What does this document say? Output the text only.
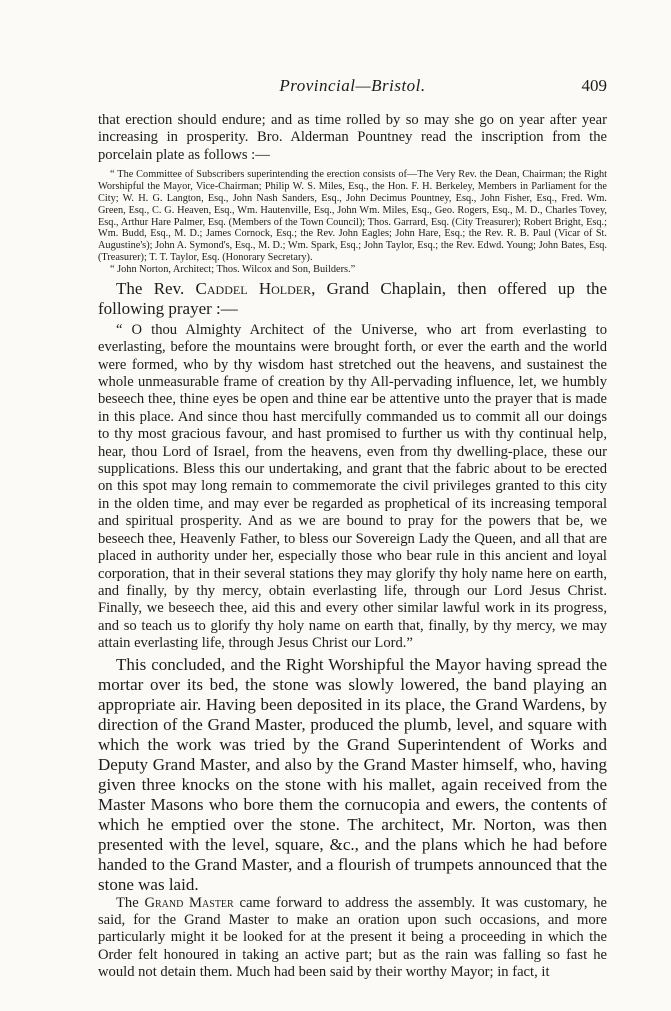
Provincial—Bristol.	409

that erection should endure; and as time rolled by so may she go on year after year increasing in prosperity. Bro. Alderman Pountney read the inscription from the porcelain plate as follows :—

“ The Committee of Subscribers superintending the erection consists of—The Very Rev. the Dean, Chairman; the Right Worshipful the Mayor, Vice-Chairman; Philip W. S. Miles, Esq., the Hon. F. H. Berkeley, Members in Parliament for the City; W. H. G. Langton, Esq., John Nash Sanders, Esq., John Decimus Pountney, Esq., John Fisher, Esq., Fred. Wm. Green, Esq., C. G. Heaven, Esq., Wm. Hautenville, Esq., John Wm. Miles, Esq., Geo. Rogers, Esq., M. D., Charles Tovey, Esq., Arthur Hare Palmer, Esq. (Members of the Town Council); Thos. Garrard, Esq. (City Treasurer); Robert Bright, Esq.; Wm. Budd, Esq., M. D.; James Cornock, Esq.; the Rev. John Eagles; John Hare, Esq.; the Rev. R. B. Paul (Vicar of St. Augustine's); John A. Symond's, Esq., M. D.; Wm. Spark, Esq.; John Taylor, Esq.; the Rev. Edwd. Young; John Bates, Esq. (Treasurer); T. T. Taylor, Esq. (Honorary Secretary).

“ John Norton, Architect; Thos. Wilcox and Son, Builders.”

The Rev. Caddel Holder, Grand Chaplain, then offered up the following prayer :—

“ O thou Almighty Architect of the Universe, who art from everlasting to everlasting, before the mountains were brought forth, or ever the earth and the world were formed, who by thy wisdom hast stretched out the heavens, and sustainest the whole unmeasurable frame of creation by thy All-pervading influence, let, we humbly beseech thee, thine eyes be open and thine ear be attentive unto the prayer that is made in this place. And since thou hast mercifully commanded us to commit all our doings to thy most gracious favour, and hast promised to further us with thy continual help, hear, thou Lord of Israel, from the heavens, even from thy dwelling-place, these our supplications. Bless this our undertaking, and grant that the fabric about to be erected on this spot may long remain to commemorate the civil privileges granted to this city in the olden time, and may ever be regarded as prophetical of its increasing temporal and spiritual prosperity. And as we are bound to pray for the powers that be, we beseech thee, Heavenly Father, to bless our Sovereign Lady the Queen, and all that are placed in authority under her, especially those who bear rule in this ancient and loyal corporation, that in their several stations they may glorify thy holy name here on earth, and finally, by thy mercy, obtain everlasting life, through our Lord Jesus Christ. Finally, we beseech thee, aid this and every other similar lawful work in its progress, and so teach us to glorify thy holy name on earth that, finally, by thy mercy, we may attain everlasting life, through Jesus Christ our Lord.”

This concluded, and the Right Worshipful the Mayor having spread the mortar over its bed, the stone was slowly lowered, the band playing an appropriate air. Having been deposited in its place, the Grand Wardens, by direction of the Grand Master, produced the plumb, level, and square with which the work was tried by the Grand Superintendent of Works and Deputy Grand Master, and also by the Grand Master himself, who, having given three knocks on the stone with his mallet, again received from the Master Masons who bore them the cornucopia and ewers, the contents of which he emptied over the stone. The architect, Mr. Norton, was then presented with the level, square, &c., and the plans which he had before handed to the Grand Master, and a flourish of trumpets announced that the stone was laid.

The Grand Master came forward to address the assembly. It was customary, he said, for the Grand Master to make an oration upon such occasions, and more particularly might it be looked for at the present it being a proceeding in which the Order felt honoured in taking an active part; but as the rain was falling so fast he would not detain them. Much had been said by their worthy Mayor; in fact, it
